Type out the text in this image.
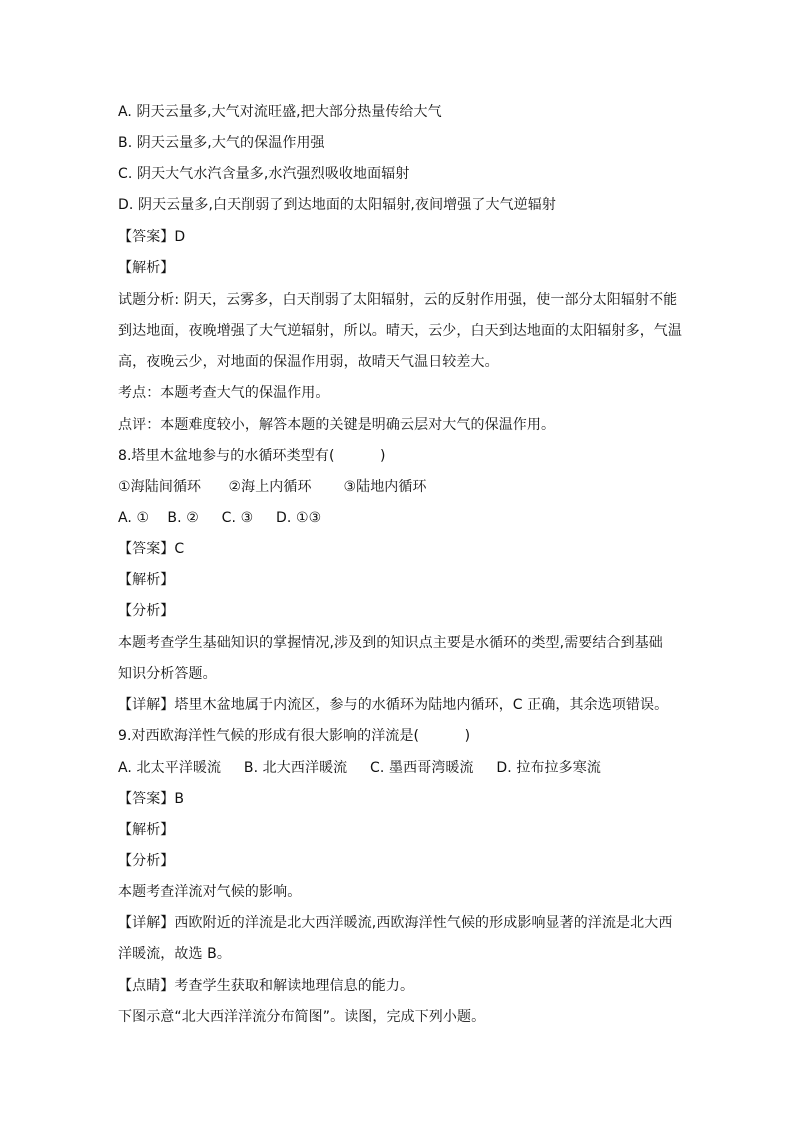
A. 阴天云量多,大气对流旺盛,把大部分热量传给大气
B. 阴天云量多,大气的保温作用强
C. 阴天大气水汽含量多,水汽强烈吸收地面辐射
D. 阴天云量多,白天削弱了到达地面的太阳辐射,夜间增强了大气逆辐射
【答案】D
【解析】
试题分析: 阴天，云雾多，白天削弱了太阳辐射，云的反射作用强，使一部分太阳辐射不能
到达地面，夜晚增强了大气逆辐射，所以。晴天，云少，白天到达地面的太阳辐射多，气温
高，夜晚云少，对地面的保温作用弱，故晴天气温日较差大。
考点：本题考查大气的保温作用。
点评：本题难度较小，解答本题的关键是明确云层对大气的保温作用。
8.塔里木盆地参与的水循环类型有(          )
①海陆间循环      ②海上内循环       ③陆地内循环
A. ①    B. ②     C. ③     D. ①③
【答案】C
【解析】
【分析】
本题考查学生基础知识的掌握情况,涉及到的知识点主要是水循环的类型,需要结合到基础
知识分析答题。
【详解】塔里木盆地属于内流区，参与的水循环为陆地内循环，C 正确，其余选项错误。
9.对西欧海洋性气候的形成有很大影响的洋流是(          )
A. 北太平洋暖流     B. 北大西洋暖流     C. 墨西哥湾暖流     D. 拉布拉多寒流
【答案】B
【解析】
【分析】
本题考查洋流对气候的影响。
【详解】西欧附近的洋流是北大西洋暖流,西欧海洋性气候的形成影响显著的洋流是北大西
洋暖流，故选 B。
【点睛】考查学生获取和解读地理信息的能力。
下图示意“北大西洋洋流分布简图”。读图，完成下列小题。
